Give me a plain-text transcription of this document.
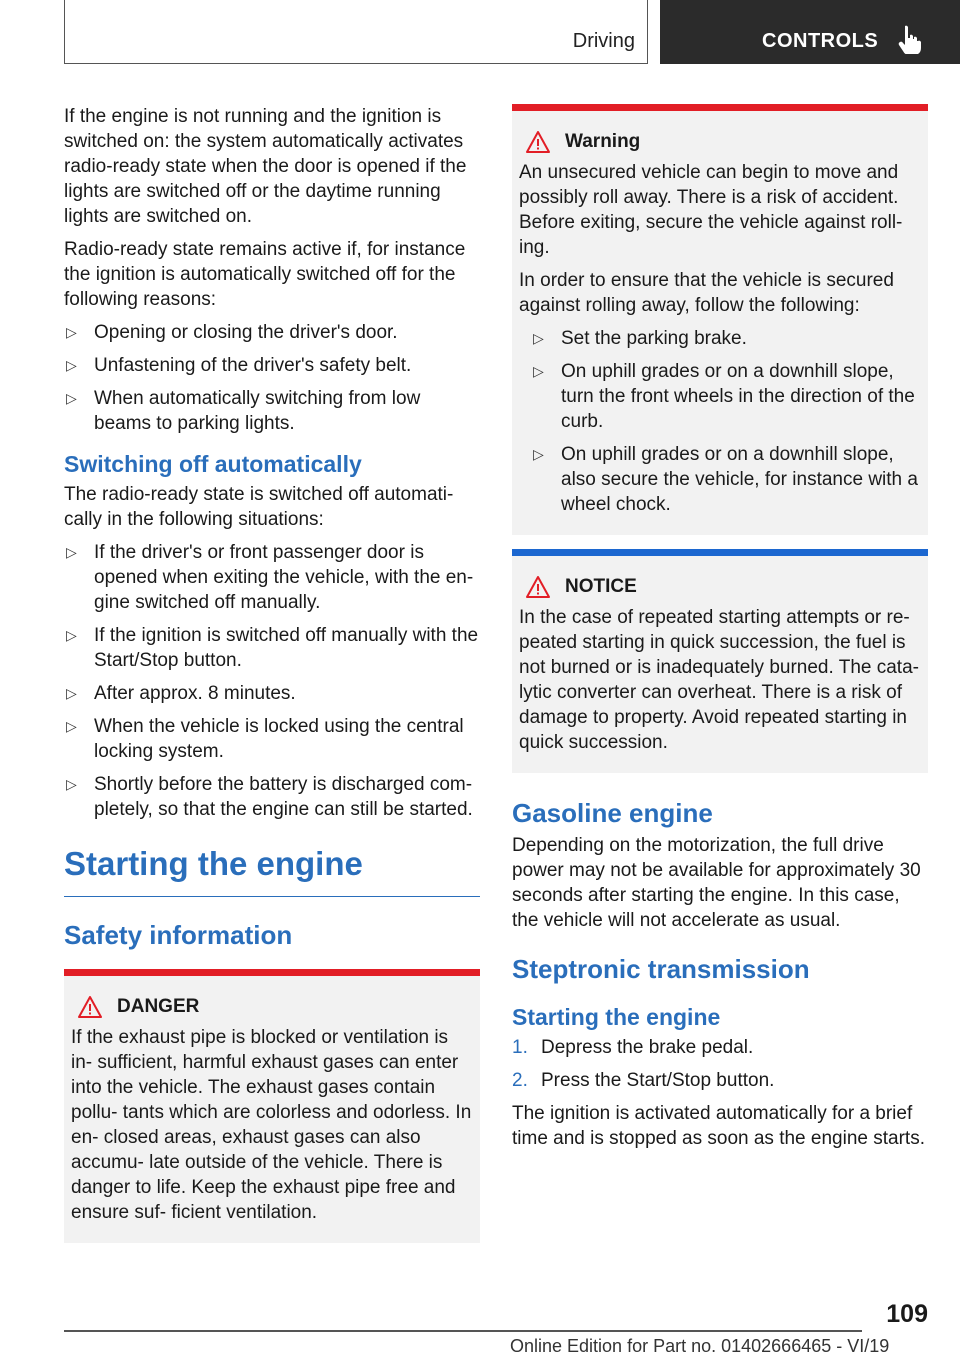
Driving	CONTROLS

If the engine is not running and the ignition is switched on: the system automatically activates radio-ready state when the door is opened if the lights are switched off or the daytime running lights are switched on.

Radio-ready state remains active if, for instance the ignition is automatically switched off for the following reasons:

▷ Opening or closing the driver's door.
▷ Unfastening of the driver's safety belt.
▷ When automatically switching from low beams to parking lights.
Switching off automatically

The radio-ready state is switched off automati- cally in the following situations:

▷ If the driver's or front passenger door is opened when exiting the vehicle, with the en- gine switched off manually.
▷ If the ignition is switched off manually with the Start/Stop button.
▷ After approx. 8 minutes.
▷ When the vehicle is locked using the central locking system.
▷ Shortly before the battery is discharged com- pletely, so that the engine can still be started.
Starting the engine
Safety information
DANGER

If the exhaust pipe is blocked or ventilation is in- sufficient, harmful exhaust gases can enter into the vehicle. The exhaust gases contain pollu- tants which are colorless and odorless. In en- closed areas, exhaust gases can also accumu- late outside of the vehicle. There is danger to life. Keep the exhaust pipe free and ensure suf- ficient ventilation.

Warning

An unsecured vehicle can begin to move and possibly roll away. There is a risk of accident. Before exiting, secure the vehicle against roll- ing.

In order to ensure that the vehicle is secured against rolling away, follow the following:

▷ Set the parking brake.
▷ On uphill grades or on a downhill slope, turn the front wheels in the direction of the curb.
▷ On uphill grades or on a downhill slope, also secure the vehicle, for instance with a wheel chock.
NOTICE

In the case of repeated starting attempts or re- peated starting in quick succession, the fuel is not burned or is inadequately burned. The cata- lytic converter can overheat. There is a risk of damage to property. Avoid repeated starting in quick succession.

Gasoline engine

Depending on the motorization, the full drive power may not be available for approximately 30 seconds after starting the engine. In this case, the vehicle will not accelerate as usual.

Steptronic transmission
Starting the engine
1. Depress the brake pedal.
2. Press the Start/Stop button.

The ignition is activated automatically for a brief time and is stopped as soon as the engine starts.

109
Online Edition for Part no. 01402666465 - VI/19
